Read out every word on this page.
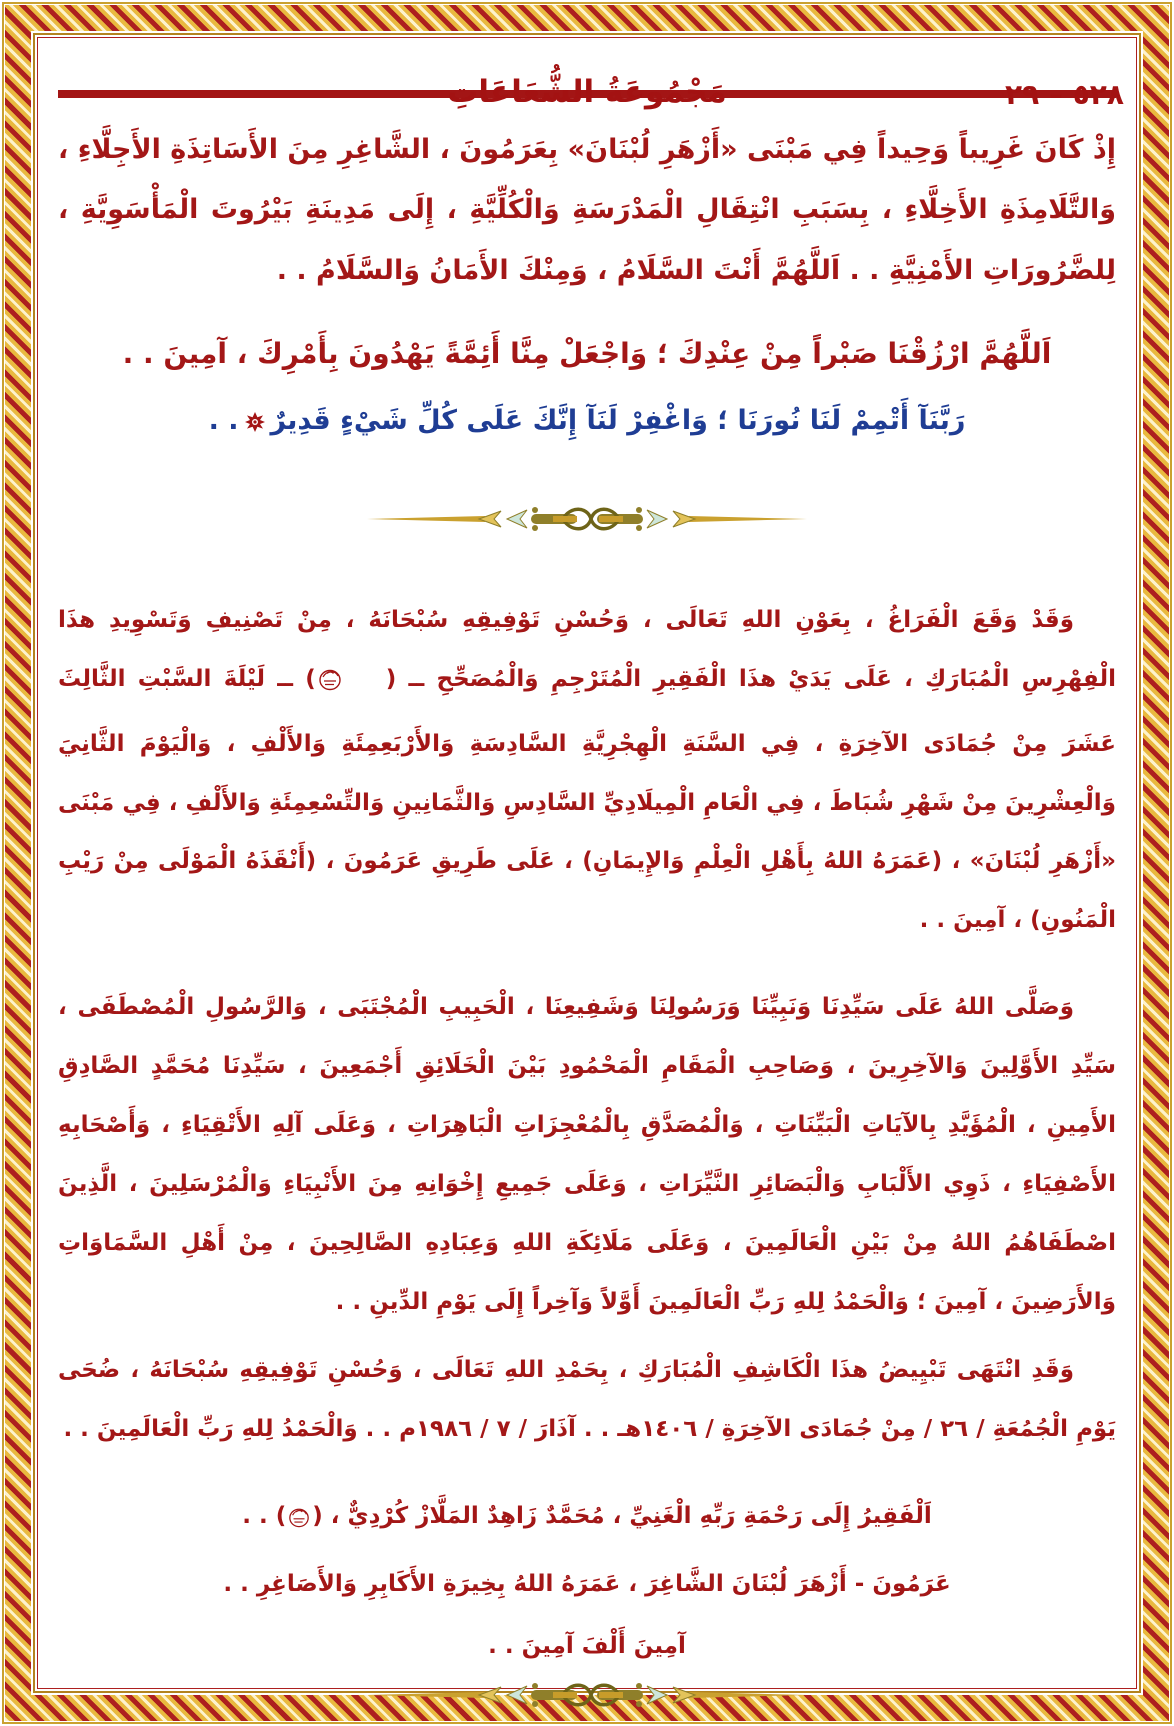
مَجْمُوعَةُ الشُّعَاعَاتِ	٥٢٨ – ٢٩

إِذْ كَانَ غَرِيباً وَحِيداً فِي مَبْنَى «أَزْهَرِ لُبْنَانَ» بِعَرَمُونَ ، الشَّاغِرِ مِنَ الأَسَاتِذَةِ الأَجِلَّاءِ ، وَالتَّلَامِذَةِ الأَخِلَّاءِ ، بِسَبَبِ انْتِقَالِ الْمَدْرَسَةِ وَالْكُلِّيَّةِ ، إِلَى مَدِينَةِ بَيْرُوتَ الْمَأْسَوِيَّةِ ، لِلضَّرُورَاتِ الأَمْنِيَّةِ . . اَللَّهُمَّ أَنْتَ السَّلَامُ ، وَمِنْكَ الأَمَانُ وَالسَّلَامُ . .

اَللَّهُمَّ ارْزُقْنَا صَبْراً مِنْ عِنْدِكَ ؛ وَاجْعَلْ مِنَّا أَئِمَّةً يَهْدُونَ بِأَمْرِكَ ، آمِينَ . .

رَبَّنَآ أَتْمِمْ لَنَا نُورَنَا ؛ وَاغْفِرْ لَنَآ إِنَّكَ عَلَى كُلِّ شَيْءٍ قَدِيرٌ. .

وَقَدْ وَقَعَ الْفَرَاغُ ، بِعَوْنِ اللهِ تَعَالَى ، وَحُسْنِ تَوْفِيقِهِ سُبْحَانَهُ ، مِنْ تَصْنِيفِ وَتَسْوِيدِ هذَا الْفِهْرِسِ الْمُبَارَكِ ، عَلَى يَدَيْ هذَا الْفَقِيرِ الْمُتَرْجِمِ وَالْمُصَحِّحِ ــ () ــ لَيْلَةَ السَّبْتِ الثَّالِثَ عَشَرَ مِنْ جُمَادَى الآخِرَةِ ، فِي السَّنَةِ الْهِجْرِيَّةِ السَّادِسَةِ وَالأَرْبَعِمِئَةِ وَالأَلْفِ ، وَالْيَوْمَ الثَّانِيَ وَالْعِشْرِينَ مِنْ شَهْرِ شُبَاطَ ، فِي الْعَامِ الْمِيلَادِيِّ السَّادِسِ وَالثَّمَانِينِ وَالتِّسْعِمِئَةِ وَالأَلْفِ ، فِي مَبْنَى «أَزْهَرِ لُبْنَانَ» ، (عَمَرَهُ اللهُ بِأَهْلِ الْعِلْمِ وَالإِيمَانِ) ، عَلَى طَرِيقِ عَرَمُونَ ، (أَنْقَذَهُ الْمَوْلَى مِنْ رَيْبِ الْمَنُونِ) ، آمِينَ . .

وَصَلَّى اللهُ عَلَى سَيِّدِنَا وَنَبِيِّنَا وَرَسُولِنَا وَشَفِيعِنَا ، الْحَبِيبِ الْمُجْتَبَى ، وَالرَّسُولِ الْمُصْطَفَى ، سَيِّدِ الأَوَّلِينَ وَالآخِرِينَ ، وَصَاحِبِ الْمَقَامِ الْمَحْمُودِ بَيْنَ الْخَلَائِقِ أَجْمَعِينَ ، سَيِّدِنَا مُحَمَّدٍ الصَّادِقِ الأَمِينِ ، الْمُؤَيَّدِ بِالآيَاتِ الْبَيِّنَاتِ ، وَالْمُصَدَّقِ بِالْمُعْجِزَاتِ الْبَاهِرَاتِ ، وَعَلَى آلِهِ الأَتْقِيَاءِ ، وَأَصْحَابِهِ الأَصْفِيَاءِ ، ذَوِي الأَلْبَابِ وَالْبَصَائِرِ النَّيِّرَاتِ ، وَعَلَى جَمِيعِ إِخْوَانِهِ مِنَ الأَنْبِيَاءِ وَالْمُرْسَلِينَ ، الَّذِينَ اصْطَفَاهُمُ اللهُ مِنْ بَيْنِ الْعَالَمِينَ ، وَعَلَى مَلَائِكَةِ اللهِ وَعِبَادِهِ الصَّالِحِينَ ، مِنْ أَهْلِ السَّمَاوَاتِ وَالأَرَضِينَ ، آمِينَ ؛ وَالْحَمْدُ لِلهِ رَبِّ الْعَالَمِينَ أَوَّلاً وَآخِراً إِلَى يَوْمِ الدِّينِ . .

وَقَدِ انْتَهَى تَبْيِيضُ هذَا الْكَاشِفِ الْمُبَارَكِ ، بِحَمْدِ اللهِ تَعَالَى ، وَحُسْنِ تَوْفِيقِهِ سُبْحَانَهُ ، ضُحَى يَوْمِ الْجُمُعَةِ / ٢٦ / مِنْ جُمَادَى الآخِرَةِ / ١٤٠٦هـ . . آذَارَ / ٧ / ١٩٨٦م . . وَالْحَمْدُ لِلهِ رَبِّ الْعَالَمِينَ . .

اَلْفَقِيرُ إِلَى رَحْمَةِ رَبِّهِ الْغَنِيِّ ، مُحَمَّدٌ زَاهِدٌ المَلَّازْ كُرْدِيٌّ ، () . .
عَرَمُونَ - أَزْهَرَ لُبْنَانَ الشَّاغِرَ ، عَمَرَهُ اللهُ بِخِيرَةِ الأَكَابِرِ وَالأَصَاغِرِ . .
آمِينَ أَلْفَ آمِينَ . .
